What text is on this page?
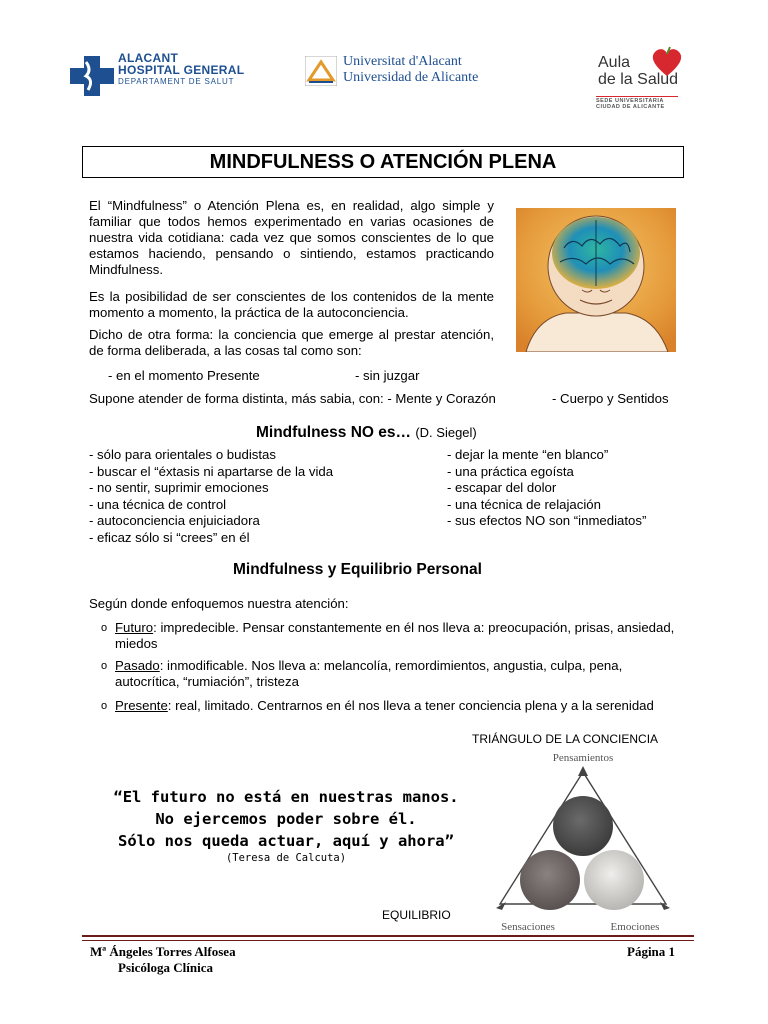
ALACANT
HOSPITAL GENERAL
DEPARTAMENT DE SALUT
Universitat d'Alacant
Universidad de Alicante
Aula
de la Salud
SEDE UNIVERSITARIA
CIUDAD DE ALICANTE
MINDFULNESS O ATENCIÓN PLENA

El “Mindfulness” o Atención Plena es, en realidad, algo simple y familiar que todos hemos experimentado en varias ocasiones de nuestra vida cotidiana: cada vez que somos conscientes de lo que estamos haciendo, pensando o sintiendo, estamos practicando Mindfulness.

Es la posibilidad de ser conscientes de los contenidos de la mente momento a momento, la práctica de la autoconciencia.

Dicho de otra forma: la conciencia que emerge al prestar atención, de forma deliberada, a las cosas tal como son:

- en el momento Presente	- sin juzgar
Supone atender de forma distinta, más sabia, con: - Mente y Corazón	- Cuerpo y Sentidos
Mindfulness NO es… (D. Siegel)
- sólo para orientales o budistas
- buscar el “éxtasis ni apartarse de la vida
- no sentir, suprimir emociones
- una técnica de control
- autoconciencia enjuiciadora
- eficaz sólo si “crees” en él
- dejar la mente “en blanco”
- una práctica egoísta
- escapar del dolor
- una técnica de relajación
- sus efectos NO son “inmediatos”
Mindfulness y Equilibrio Personal
Según donde enfoquemos nuestra atención:
o Futuro: impredecible. Pensar constantemente en él nos lleva a: preocupación, prisas, ansiedad, miedos
o Pasado: inmodificable. Nos lleva a: melancolía, remordimientos, angustia, culpa, pena, autocrítica, “rumiación”, tristeza
o Presente: real, limitado. Centrarnos en él nos lleva a tener conciencia plena y a la serenidad
TRIÁNGULO DE LA CONCIENCIA
“El futuro no está en nuestras manos.
No ejercemos poder sobre él.
Sólo nos queda actuar, aquí y ahora”
(Teresa de Calcuta)
Pensamientos
Sensaciones	Emociones
EQUILIBRIO
Mª Ángeles Torres Alfosea
Psicóloga Clínica
Página 1
